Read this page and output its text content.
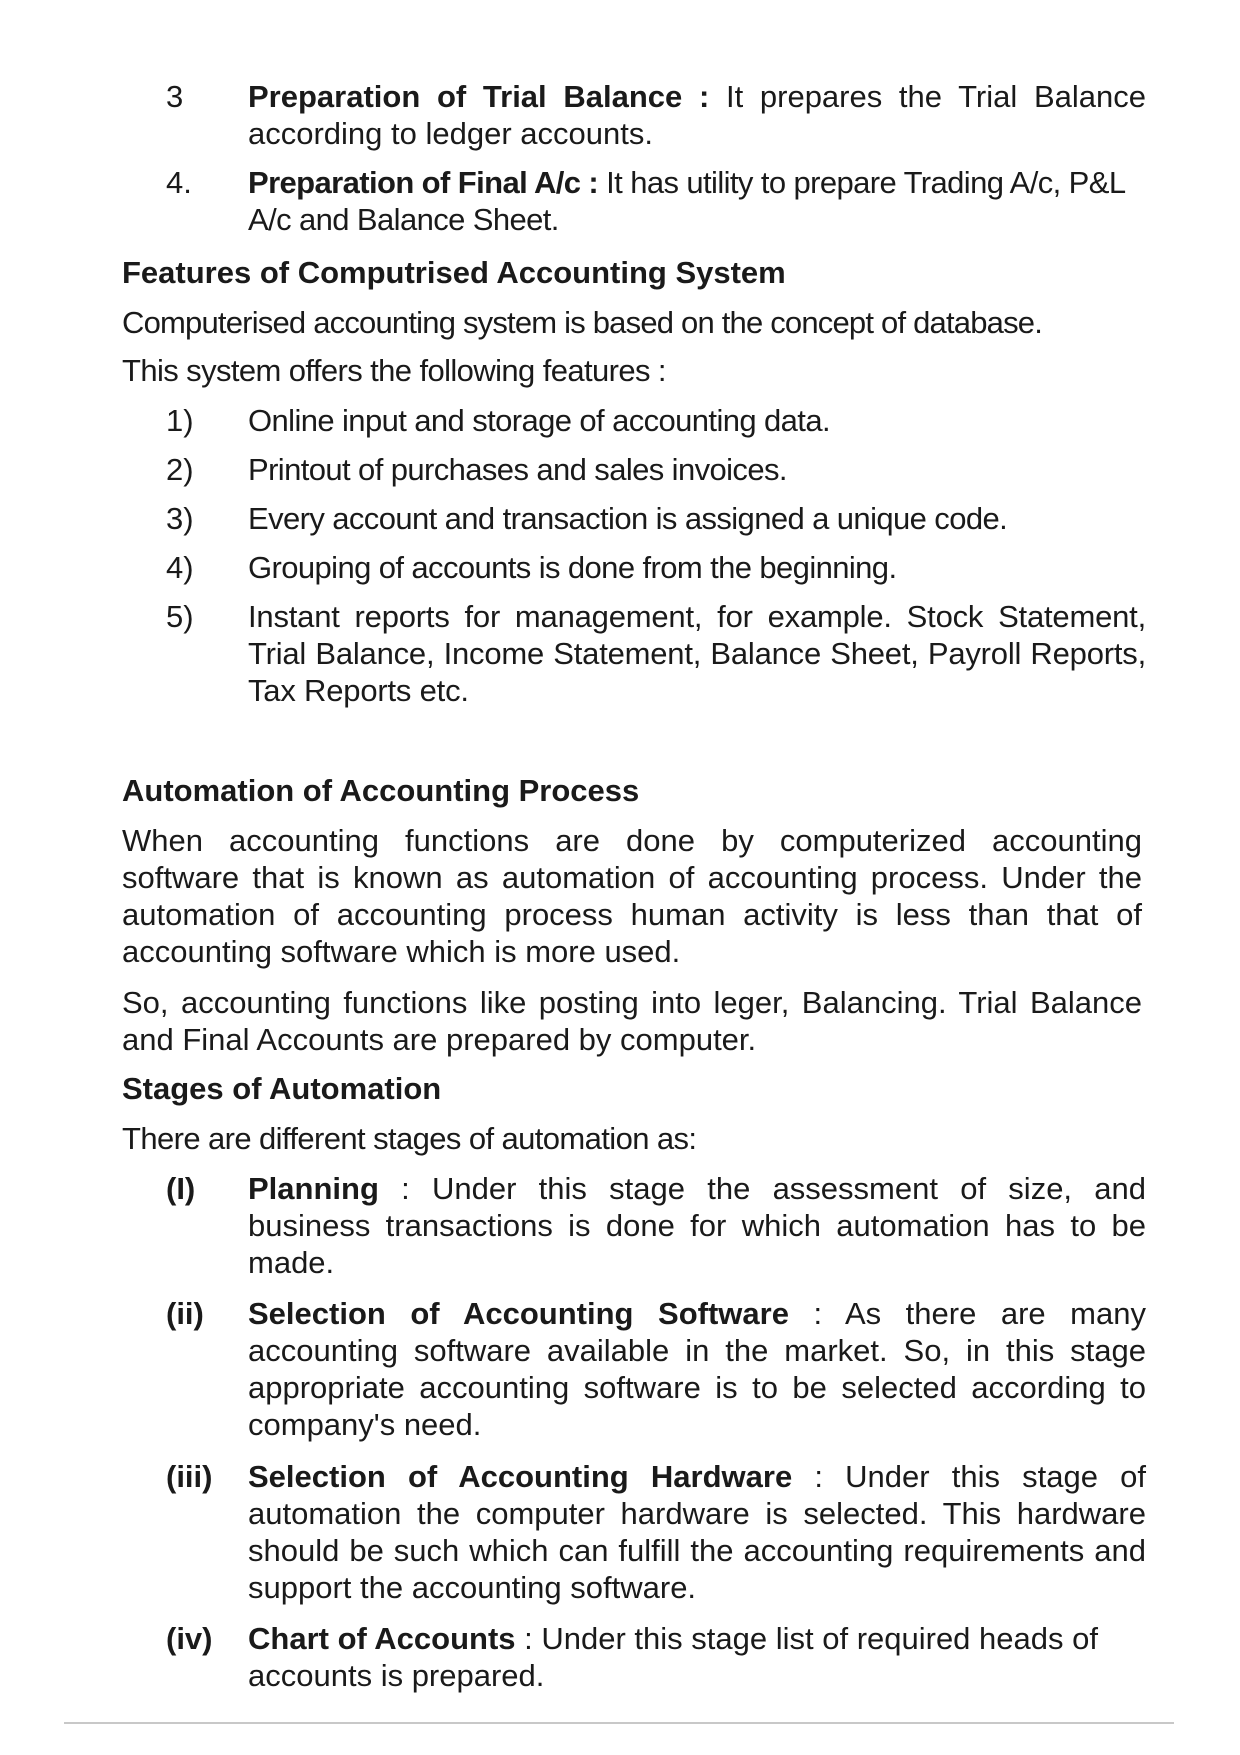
3 Preparation of Trial Balance : It prepares the Trial Balance according to ledger accounts.
4. Preparation of Final A/c : It has utility to prepare Trading A/c, P&L A/c and Balance Sheet.
Features of Computrised Accounting System
Computerised accounting system is based on the concept of database.
This system offers the following features :
1) Online input and storage of accounting data.
2) Printout of purchases and sales invoices.
3) Every account and transaction is assigned a unique code.
4) Grouping of accounts is done from the beginning.
5) Instant reports for management, for example. Stock Statement, Trial Balance, Income Statement, Balance Sheet, Payroll Reports, Tax Reports etc.
Automation of Accounting Process
When accounting functions are done by computerized accounting software that is known as automation of accounting process. Under the automation of accounting process human activity is less than that of accounting software which is more used.
So, accounting functions like posting into leger, Balancing. Trial Balance and Final Accounts are prepared by computer.
Stages of Automation
There are different stages of automation as:
(I) Planning : Under this stage the assessment of size, and business transactions is done for which automation has to be made.
(ii) Selection of Accounting Software : As there are many accounting software available in the market. So, in this stage appropriate accounting software is to be selected according to company's need.
(iii) Selection of Accounting Hardware : Under this stage of automation the computer hardware is selected. This hardware should be such which can fulfill the accounting requirements and support the accounting software.
(iv) Chart of Accounts : Under this stage list of required heads of accounts is prepared.
